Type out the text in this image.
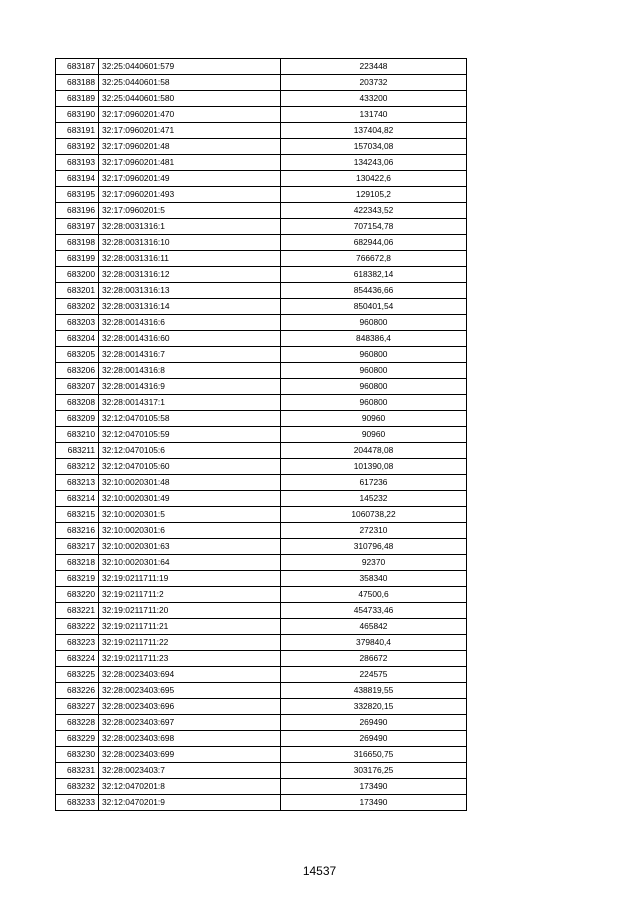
683187	32:25:0440601:579	223448
683188	32:25:0440601:58	203732
683189	32:25:0440601:580	433200
683190	32:17:0960201:470	131740
683191	32:17:0960201:471	137404,82
683192	32:17:0960201:48	157034,08
683193	32:17:0960201:481	134243,06
683194	32:17:0960201:49	130422,6
683195	32:17:0960201:493	129105,2
683196	32:17:0960201:5	422343,52
683197	32:28:0031316:1	707154,78
683198	32:28:0031316:10	682944,06
683199	32:28:0031316:11	766672,8
683200	32:28:0031316:12	618382,14
683201	32:28:0031316:13	854436,66
683202	32:28:0031316:14	850401,54
683203	32:28:0014316:6	960800
683204	32:28:0014316:60	848386,4
683205	32:28:0014316:7	960800
683206	32:28:0014316:8	960800
683207	32:28:0014316:9	960800
683208	32:28:0014317:1	960800
683209	32:12:0470105:58	90960
683210	32:12:0470105:59	90960
683211	32:12:0470105:6	204478,08
683212	32:12:0470105:60	101390,08
683213	32:10:0020301:48	617236
683214	32:10:0020301:49	145232
683215	32:10:0020301:5	1060738,22
683216	32:10:0020301:6	272310
683217	32:10:0020301:63	310796,48
683218	32:10:0020301:64	92370
683219	32:19:0211711:19	358340
683220	32:19:0211711:2	47500,6
683221	32:19:0211711:20	454733,46
683222	32:19:0211711:21	465842
683223	32:19:0211711:22	379840,4
683224	32:19:0211711:23	286672
683225	32:28:0023403:694	224575
683226	32:28:0023403:695	438819,55
683227	32:28:0023403:696	332820,15
683228	32:28:0023403:697	269490
683229	32:28:0023403:698	269490
683230	32:28:0023403:699	316650,75
683231	32:28:0023403:7	303176,25
683232	32:12:0470201:8	173490
683233	32:12:0470201:9	173490
14537
